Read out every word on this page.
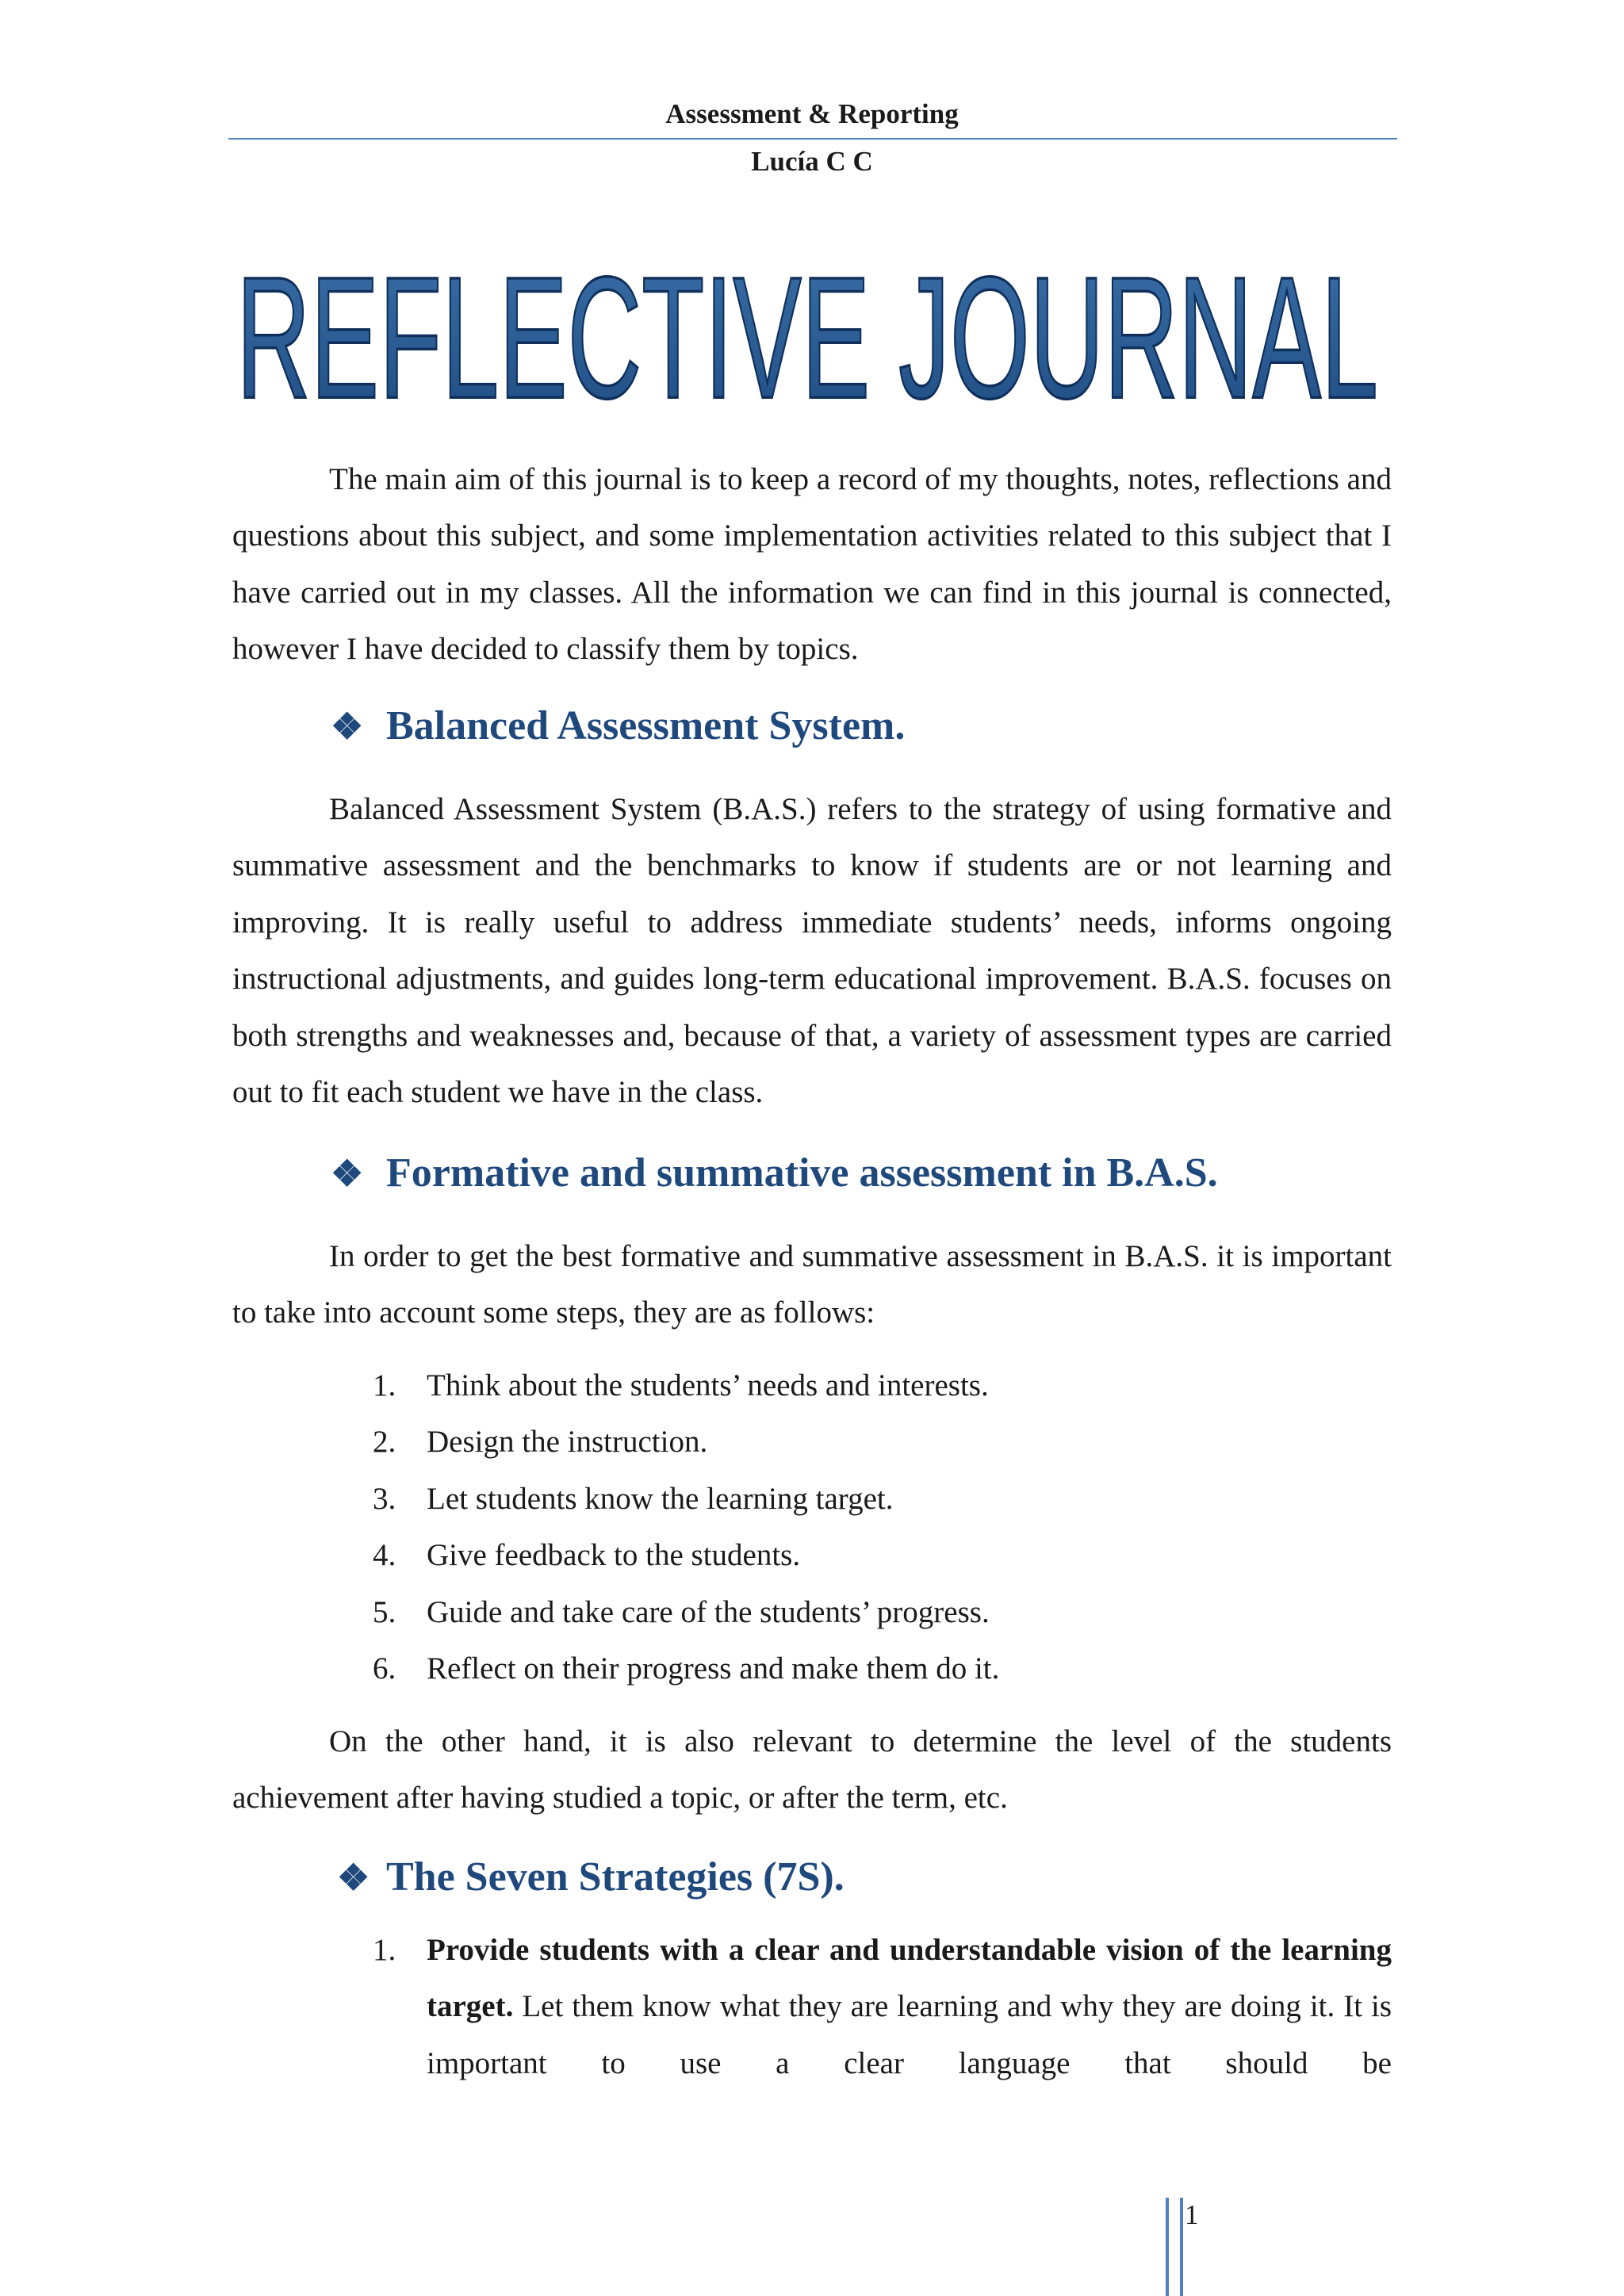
Assessment & Reporting
Lucía C C
REFLECTIVE JOURNAL

The main aim of this journal is to keep a record of my thoughts, notes, reflections and questions about this subject, and some implementation activities related to this subject that I have carried out in my classes. All the information we can find in this journal is connected, however I have decided to classify them by topics.

❖ Balanced Assessment System.

Balanced Assessment System (B.A.S.) refers to the strategy of using formative and summative assessment and the benchmarks to know if students are or not learning and improving. It is really useful to address immediate students’ needs, informs ongoing instructional adjustments, and guides long-term educational improvement. B.A.S. focuses on both strengths and weaknesses and, because of that, a variety of assessment types are carried out to fit each student we have in the class.

❖ Formative and summative assessment in B.A.S.

In order to get the best formative and summative assessment in B.A.S. it is important to take into account some steps, they are as follows:

1. Think about the students’ needs and interests.
2. Design the instruction.
3. Let students know the learning target.
4. Give feedback to the students.
5. Guide and take care of the students’ progress.
6. Reflect on their progress and make them do it.

On the other hand, it is also relevant to determine the level of the students achievement after having studied a topic, or after the term, etc.

❖ The Seven Strategies (7S).
1. Provide students with a clear and understandable vision of the learning target. Let them know what they are learning and why they are doing it. It is important to use a clear language that should be
1
